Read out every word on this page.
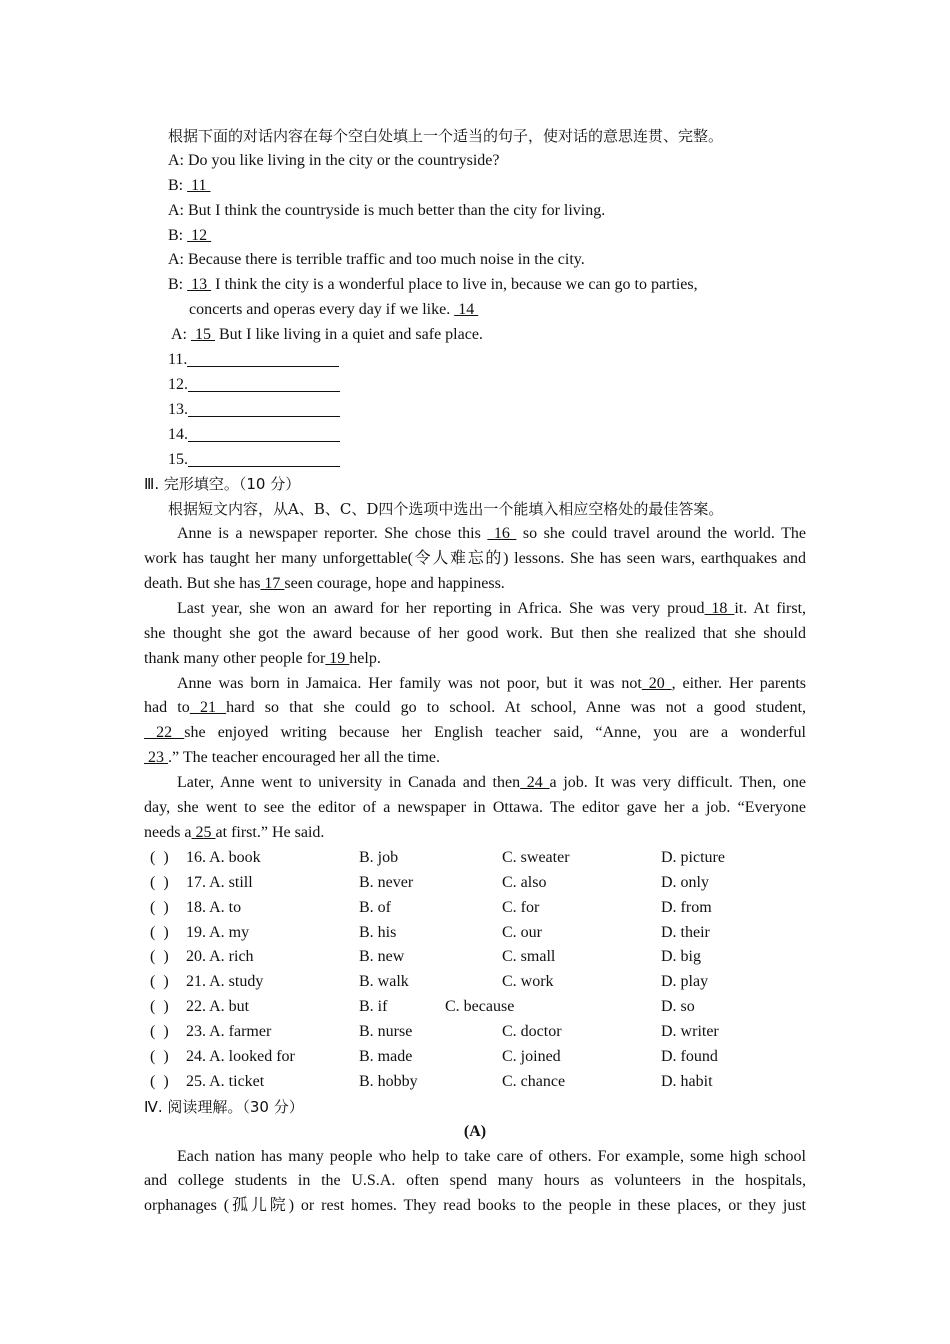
根据下面的对话内容在每个空白处填上一个适当的句子，使对话的意思连贯、完整。
A: Do you like living in the city or the countryside?
B:  11
A: But I think the countryside is much better than the city for living.
B:  12
A: Because there is terrible traffic and too much noise in the city.
B:  13  I think the city is a wonderful place to live in, because we can go to parties,
concerts and operas every day if we like.  14
A:  15  But I like living in a quiet and safe place.
11.
12.
13.
14.
15.
Ⅲ. 完形填空。（10 分）
根据短文内容，从A、B、C、D四个选项中选出一个能填入相应空格处的最佳答案。
Anne is a newspaper reporter. She chose this  16  so she could travel around the world. The
work has taught her many unforgettable(令人难忘的) lessons. She has seen wars, earthquakes and
death. But she has 17 seen courage, hope and happiness.
Last year, she won an award for her reporting in Africa. She was very proud 18 it. At first,
she thought she got the award because of her good work. But then she realized that she should
thank many other people for 19 help.
Anne was born in Jamaica. Her family was not poor, but it was not 20 , either. Her parents
had to 21 hard so that she could go to school. At school, Anne was not a good student,
22 she enjoyed writing because her English teacher said, “Anne, you are a wonderful
23 .” The teacher encouraged her all the time.
Later, Anne went to university in Canada and then 24 a job. It was very difficult. Then, one
day, she went to see the editor of a newspaper in Ottawa. The editor gave her a job. “Everyone
needs a 25 at first.” He said.
(  ) 16. A. book	B. job	C. sweater	D. picture
(  ) 17. A. still	B. never	C. also	D. only
(  ) 18. A. to	B. of	C. for	D. from
(  ) 19. A. my	B. his	C. our	D. their
(  ) 20. A. rich	B. new	C. small	D. big
(  ) 21. A. study	B. walk	C. work	D. play
(  ) 22. A. but	B. if	C. because	D. so
(  ) 23. A. farmer	B. nurse	C. doctor	D. writer
(  ) 24. A. looked for	B. made	C. joined	D. found
(  ) 25. A. ticket	B. hobby	C. chance	D. habit
Ⅳ. 阅读理解。（30 分）
(A)
Each nation has many people who help to take care of others. For example, some high school
and college students in the U.S.A. often spend many hours as volunteers in the hospitals,
orphanages (孤儿院) or rest homes. They read books to the people in these places, or they just
